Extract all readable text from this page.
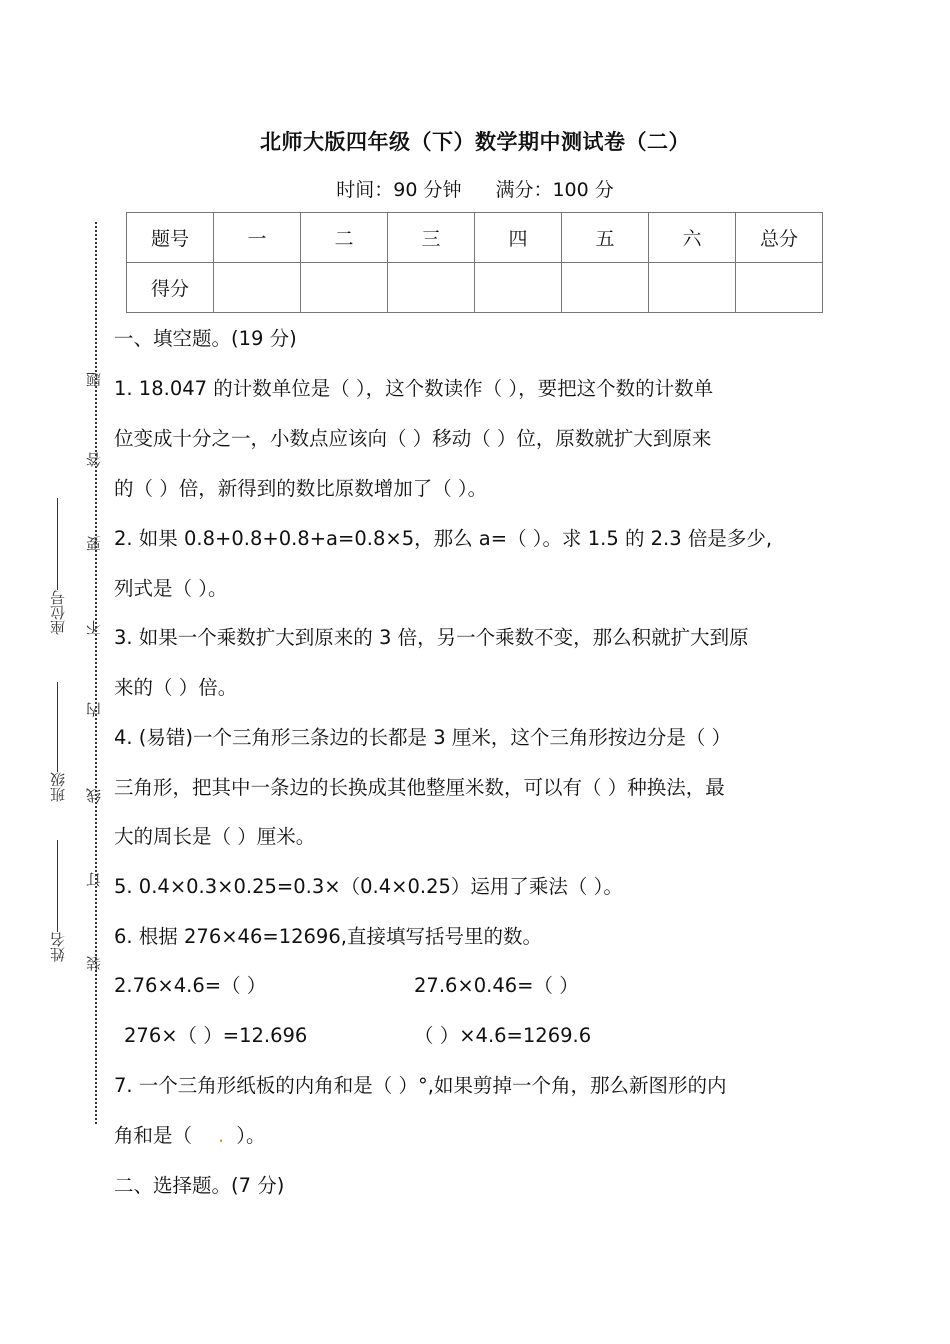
北师大版四年级（下）数学期中测试卷（二）
时间：90 分钟 满分：100 分
题号	一	二	三	四	五	六	总分
得分							
题
答
要
不
内
线
订
装
座位号
班级
姓名
一、填空题。(19 分)
1. 18.047 的计数单位是（ ），这个数读作（ ），要把这个数的计数单
位变成十分之一，小数点应该向（ ）移动（ ）位，原数就扩大到原来
的（ ）倍，新得到的数比原数增加了（ ）。
2. 如果 0.8+0.8+0.8+a=0.8×5，那么 a=（ ）。求 1.5 的 2.3 倍是多少,
列式是（ ）。
3. 如果一个乘数扩大到原来的 3 倍，另一个乘数不变，那么积就扩大到原
来的（ ）倍。
4. (易错)一个三角形三条边的长都是 3 厘米，这个三角形按边分是（ ）
三角形，把其中一条边的长换成其他整厘米数，可以有（ ）种换法，最
大的周长是（ ）厘米。
5. 0.4×0.3×0.25=0.3×（0.4×0.25）运用了乘法（ ）。
6. 根据 276×46=12696,直接填写括号里的数。
2.76×4.6=（ ）	27.6×0.46=（ ）
276×（ ）=12.696	（ ）×4.6=1269.6
7. 一个三角形纸板的内角和是（ ）°,如果剪掉一个角，那么新图形的内
角和是（ . ）。
二、选择题。(7 分)
